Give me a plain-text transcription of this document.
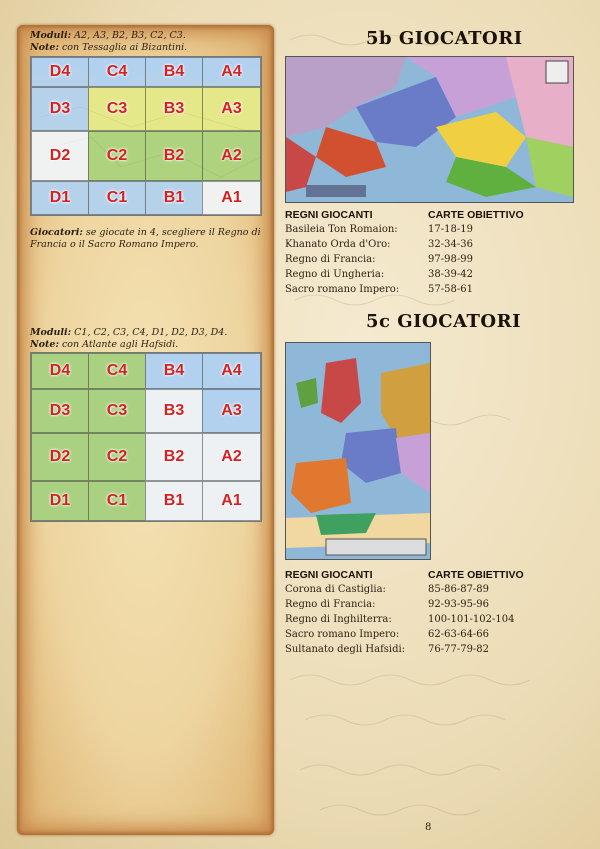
Moduli: A2, A3, B2, B3, C2, C3.
Note: con Tessaglia ai Bizantini.
D4	C4	B4	A4
D3	C3	B3	A3
D2	C2	B2	A2
D1	C1	B1	A1
Giocatori: se giocate in 4, scegliere il Regno di Francia o il Sacro Romano Impero.
Moduli: C1, C2, C3, C4, D1, D2, D3, D4.
Note: con Atlante agli Hafsidi.
D4	C4	B4	A4
D3	C3	B3	A3
D2	C2	B2	A2
D1	C1	B1	A1
5b GIOCATORI
REGNI GIOCANTI	CARTE OBIETTIVO
Basileia Ton Romaion:	17-18-19
Khanato Orda d'Oro:	32-34-36
Regno di Francia:	97-98-99
Regno di Ungheria:	38-39-42
Sacro romano Impero:	57-58-61
5c GIOCATORI
REGNI GIOCANTI	CARTE OBIETTIVO
Corona di Castiglia:	85-86-87-89
Regno di Francia:	92-93-95-96
Regno di Inghilterra:	100-101-102-104
Sacro romano Impero:	62-63-64-66
Sultanato degli Hafsidi: 76-77-79-82
8
